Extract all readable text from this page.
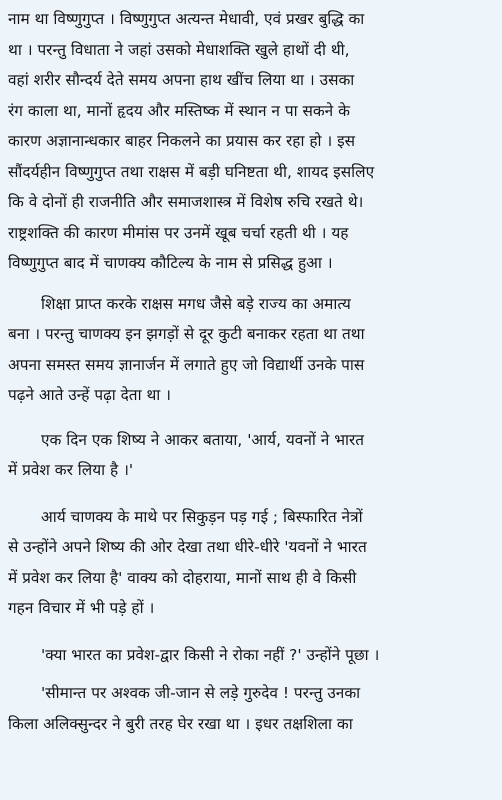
नाम था विष्णुगुप्त । विष्णुगुप्त अत्यन्त मेधावी, एवं प्रखर बुद्धि का
था । परन्तु विधाता ने जहां उसको मेधाशक्ति खुले हाथों दी थी,
वहां शरीर सौन्दर्य देते समय अपना हाथ खींच लिया था । उसका
रंग काला था, मानों हृदय और मस्तिष्क में स्थान न पा सकने के
कारण अज्ञानान्धकार बाहर निकलने का प्रयास कर रहा हो । इस
सौंदर्यहीन विष्णुगुप्त तथा राक्षस में बड़ी घनिष्टता थी, शायद इसलिए
कि वे दोनों ही राजनीति और समाजशास्त्र में विशेष रुचि रखते थे।
राष्ट्रशक्ति की कारण मीमांस पर उनमें खूब चर्चा रहती थी । यह
विष्णुगुप्त बाद में चाणक्य कौटिल्य के नाम से प्रसिद्ध हुआ ।
शिक्षा प्राप्त करके राक्षस मगध जैसे बड़े राज्य का अमात्य
बना । परन्तु चाणक्य इन झगड़ों से दूर कुटी बनाकर रहता था तथा
अपना समस्त समय ज्ञानार्जन में लगाते हुए जो विद्यार्थी उनके पास
पढ़ने आते उन्हें पढ़ा देता था ।
एक दिन एक शिष्य ने आकर बताया, 'आर्य, यवनों ने भारत
में प्रवेश कर लिया है ।'
आर्य चाणक्य के माथे पर सिकुड़न पड़ गई ; बिस्फारित नेत्रों
से उन्होंने अपने शिष्य की ओर देखा तथा धीरे-धीरे 'यवनों ने भारत
में प्रवेश कर लिया है' वाक्य को दोहराया, मानों साथ ही वे किसी
गहन विचार में भी पड़े हों ।
'क्या भारत का प्रवेश-द्वार किसी ने रोका नहीं ?' उन्होंने पूछा ।
'सीमान्त पर अश्वक जी-जान से लड़े गुरुदेव ! परन्तु उनका
किला अलिक्सुन्दर ने बुरी तरह घेर रखा था । इधर तक्षशिला का
